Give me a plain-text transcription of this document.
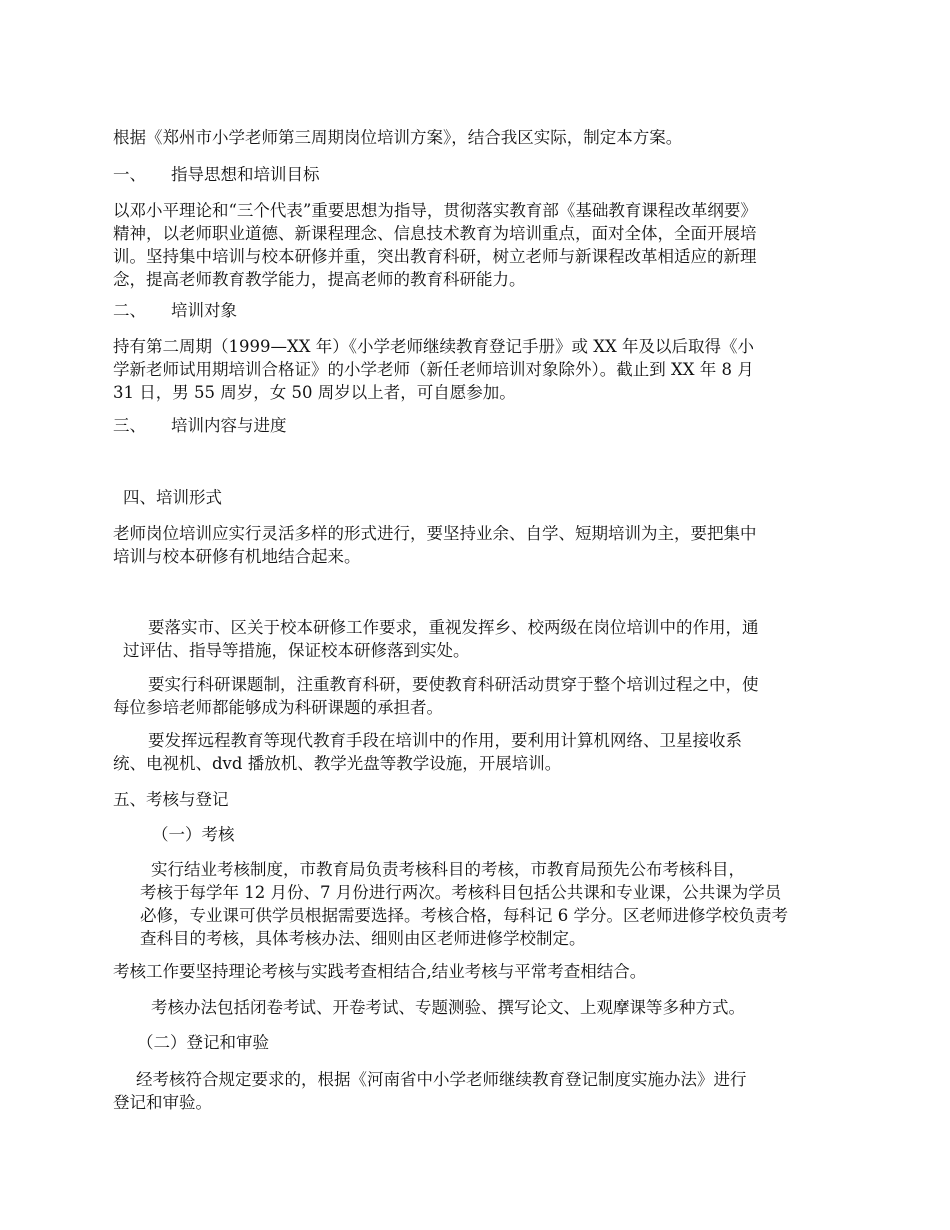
根据《郑州市小学老师第三周期岗位培训方案》，结合我区实际，制定本方案。

一、 指导思想和培训目标

以邓小平理论和“三个代表”重要思想为指导，贯彻落实教育部《基础教育课程改革纲要》
精神，以老师职业道德、新课程理念、信息技术教育为培训重点，面对全体，全面开展培
训。坚持集中培训与校本研修并重，突出教育科研，树立老师与新课程改革相适应的新理
念，提高老师教育教学能力，提高老师的教育科研能力。

二、 培训对象

持有第二周期（1999—XX 年）《小学老师继续教育登记手册》或 XX 年及以后取得《小
学新老师试用期培训合格证》的小学老师（新任老师培训对象除外）。截止到 XX 年 8 月
31 日，男 55 周岁，女 50 周岁以上者，可自愿参加。

三、 培训内容与进度

四、培训形式

老师岗位培训应实行灵活多样的形式进行，要坚持业余、自学、短期培训为主，要把集中
培训与校本研修有机地结合起来。

要落实市、区关于校本研修工作要求，重视发挥乡、校两级在岗位培训中的作用，通
过评估、指导等措施，保证校本研修落到实处。

要实行科研课题制，注重教育科研，要使教育科研活动贯穿于整个培训过程之中，使
每位参培老师都能够成为科研课题的承担者。

要发挥远程教育等现代教育手段在培训中的作用，要利用计算机网络、卫星接收系
统、电视机、dvd 播放机、教学光盘等教学设施，开展培训。

五、考核与登记

（一）考核

实行结业考核制度，市教育局负责考核科目的考核，市教育局预先公布考核科目，
考核于每学年 12 月份、7 月份进行两次。考核科目包括公共课和专业课，公共课为学员
必修，专业课可供学员根据需要选择。考核合格，每科记 6 学分。区老师进修学校负责考
查科目的考核，具体考核办法、细则由区老师进修学校制定。

考核工作要坚持理论考核与实践考查相结合,结业考核与平常考查相结合。

考核办法包括闭卷考试、开卷考试、专题测验、撰写论文、上观摩课等多种方式。

（二）登记和审验

经考核符合规定要求的，根据《河南省中小学老师继续教育登记制度实施办法》进行
登记和审验。
